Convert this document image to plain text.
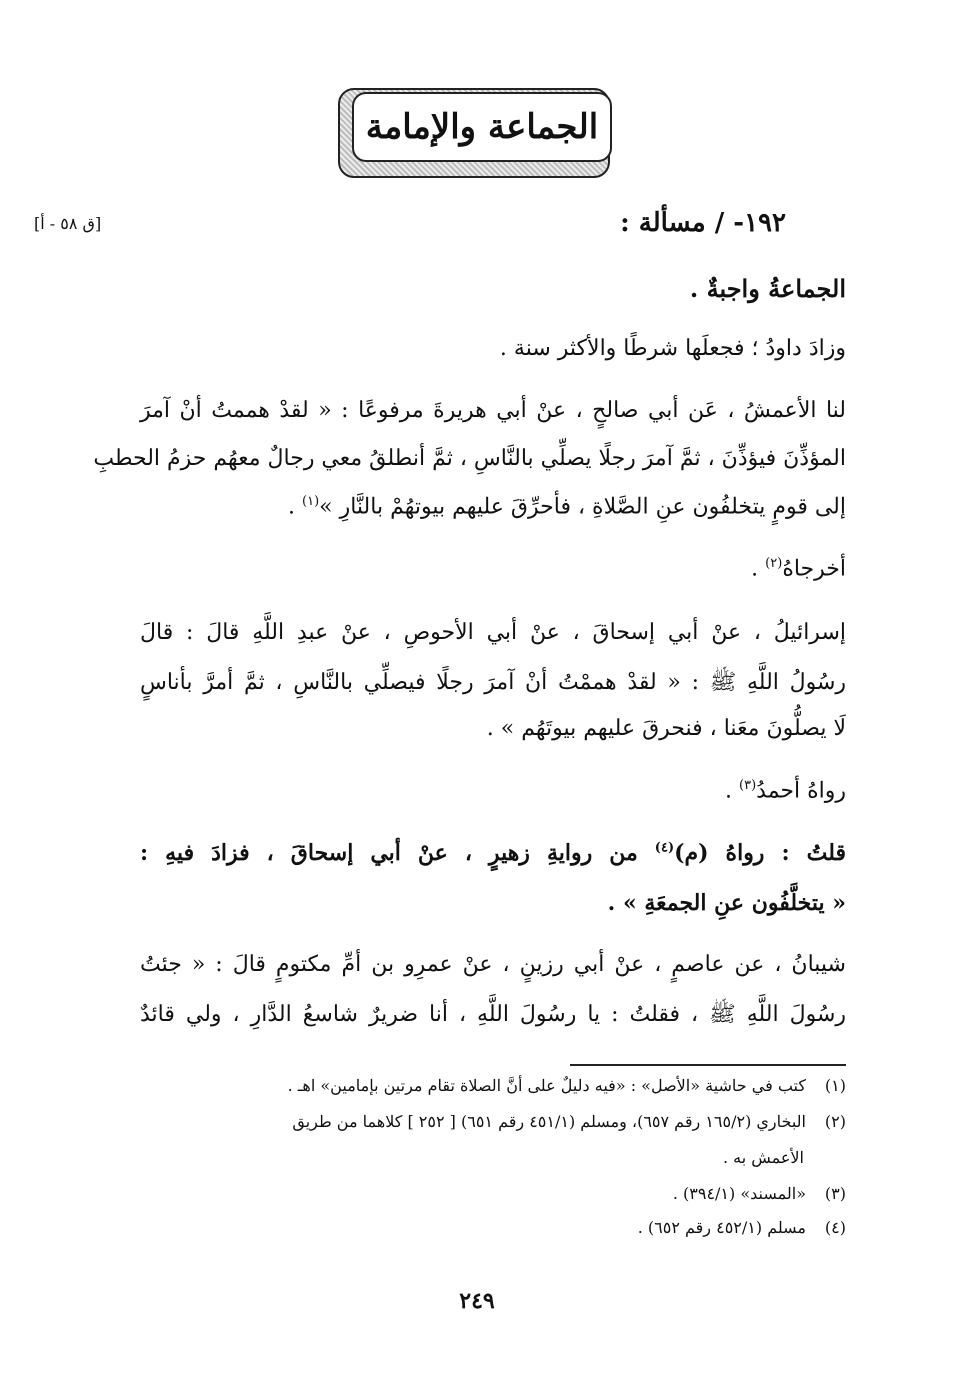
الجماعة والإمامة
[ق ٥٨ - أ]	١٩٢- / مسألة :
الجماعةُ واجبةٌ .
وزادَ داودُ ؛ فجعلَها شرطًا والأكثر سنة .
لنا الأعمشُ ، عَن أبي صالحٍ ، عنْ أبي هريرةَ مرفوعًا : « لقدْ هممتُ أنْ آمرَ
المؤذِّنَ فيؤذِّنَ ، ثمَّ آمرَ رجلًا يصلِّي بالنَّاسِ ، ثمَّ أنطلقُ معي رجالٌ معهُم حزمُ الحطبِ
إلى قومٍ يتخلفُون عنِ الصَّلاةِ ، فأحرِّقَ عليهم بيوتهُمْ بالنَّارِ »$^{(١)}$ .
أخرجاهُ$^{(٢)}$ .
إسرائيلُ ، عنْ أبي إسحاقَ ، عنْ أبي الأحوصِ ، عنْ عبدِ اللَّهِ قالَ : قالَ
رسُولُ اللَّهِ ﷺ : « لقدْ هممْتُ أنْ آمرَ رجلًا فيصلِّي بالنَّاسِ ، ثمَّ أمرَّ بأناسٍ
لَا يصلُّونَ معَنا ، فنحرقَ عليهم بيوتَهُم » .
رواهُ أحمدُ$^{(٣)}$ .
قلتُ : رواهُ (م)$^{(٤)}$ من روايةِ زهيرٍ ، عنْ أبي إسحاقَ ، فزادَ فيهِ :
« يتخلَّفُون عنِ الجمعَةِ » .
شيبانُ ، عن عاصمٍ ، عنْ أبي رزينٍ ، عنْ عمرِو بن أمِّ مكتومٍ قالَ : « جئتُ
رسُولَ اللَّهِ ﷺ ، فقلتُ : يا رسُولَ اللَّهِ ، أنا ضريرٌ شاسعُ الدَّارِ ، ولي قائدٌ
(١)كتب في حاشية «الأصل» : «فيه دليلٌ على أنَّ الصلاة تقام مرتين بإمامين» اهـ .
(٢)البخاري (١٦٥/٢ رقم ٦٥٧)، ومسلم (٤٥١/١ رقم ٦٥١) [ ٢٥٢ ] كلاهما من طريق
الأعمش به .
(٣)«المسند» (٣٩٤/١) .
(٤)مسلم (٤٥٢/١ رقم ٦٥٢) .
٢٤٩
